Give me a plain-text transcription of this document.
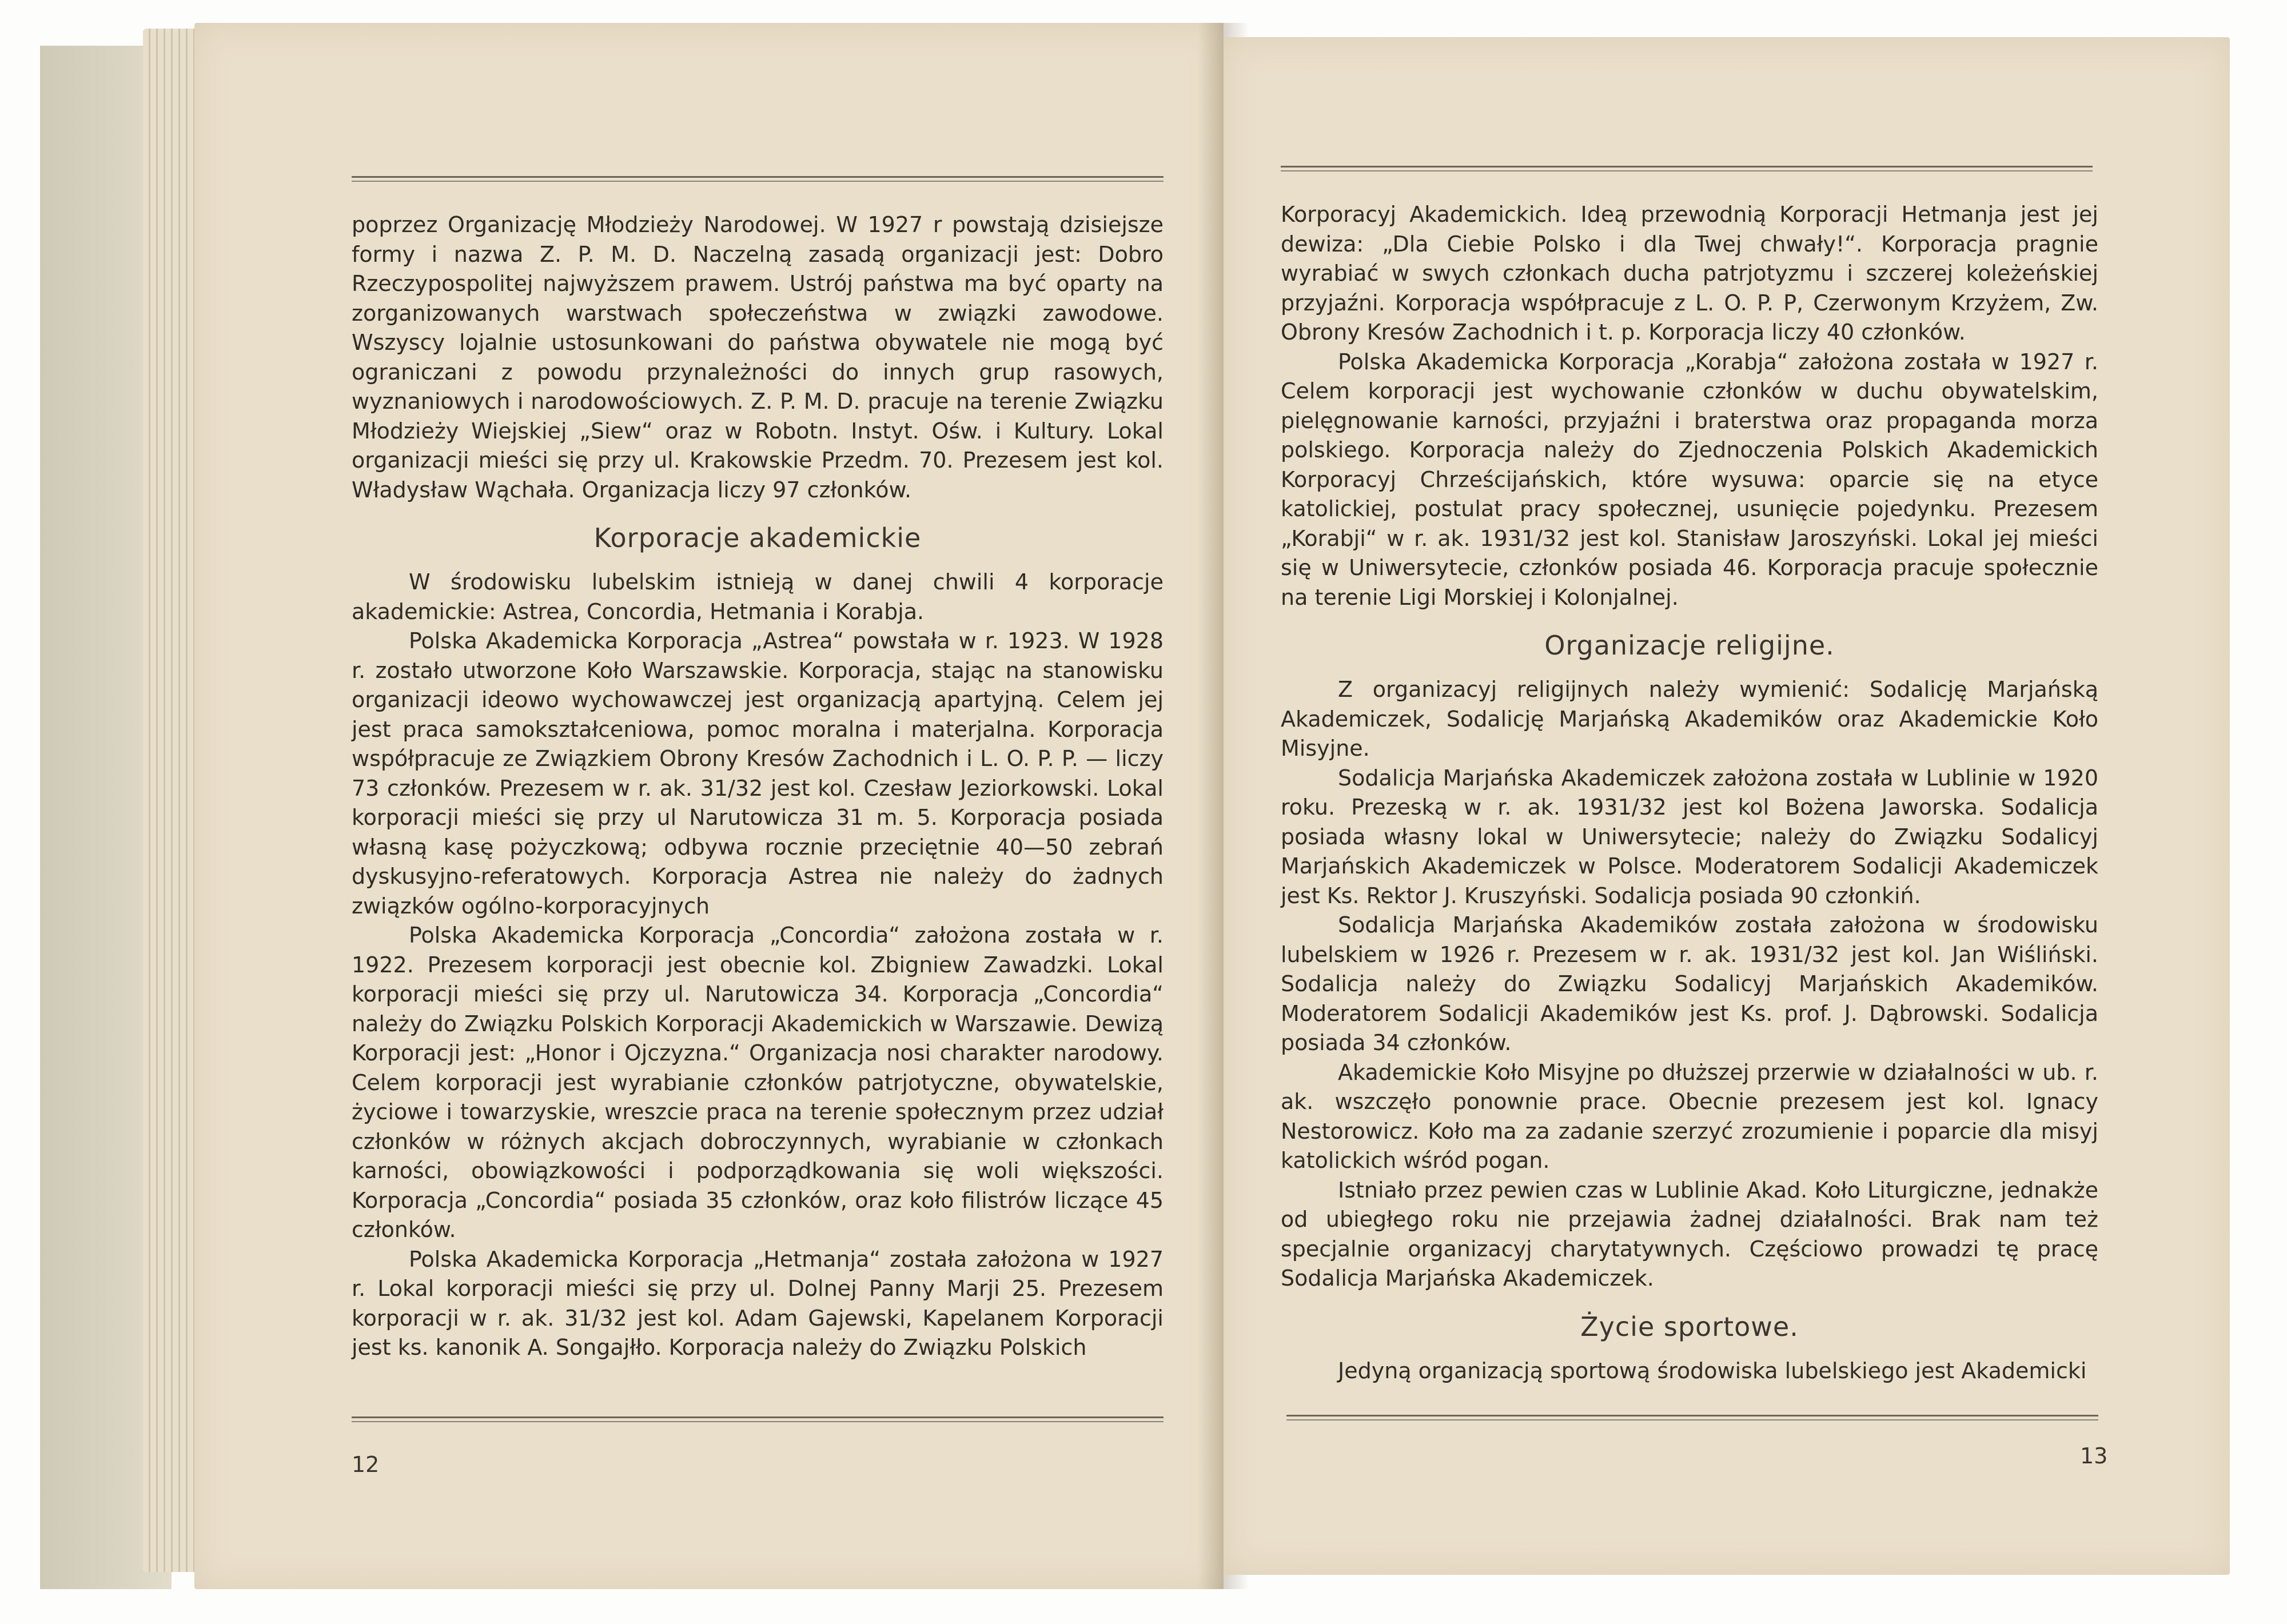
poprzez Organizację Młodzieży Narodowej. W 1927 r powstają dzisiejsze formy i nazwa Z. P. M. D. Naczelną zasadą organizacji jest: Dobro Rzeczypospolitej najwyższem prawem. Ustrój państwa ma być oparty na zorganizowanych warstwach społeczeństwa w związki zawodowe. Wszyscy lojalnie ustosunkowani do państwa obywatele nie mogą być ograniczani z powodu przynależności do innych grup rasowych, wyznaniowych i narodowościowych. Z. P. M. D. pracuje na terenie Związku Młodzieży Wiejskiej „Siew“ oraz w Robotn. Instyt. Ośw. i Kultury. Lokal organizacji mieści się przy ul. Krakowskie Przedm. 70. Prezesem jest kol. Władysław Wąchała. Organizacja liczy 97 członków.

Korporacje akademickie

W środowisku lubelskim istnieją w danej chwili 4 korporacje akademickie: Astrea, Concordia, Hetmania i Korabja.

Polska Akademicka Korporacja „Astrea“ powstała w r. 1923. W 1928 r. zostało utworzone Koło Warszawskie. Korporacja, stając na stanowisku organizacji ideowo wychowawczej jest organizacją apartyjną. Celem jej jest praca samokształceniowa, pomoc moralna i materjalna. Korporacja współpracuje ze Związkiem Obrony Kresów Zachodnich i L. O. P. P. — liczy 73 członków. Prezesem w r. ak. 31/32 jest kol. Czesław Jeziorkowski. Lokal korporacji mieści się przy ul Narutowicza 31 m. 5. Korporacja posiada własną kasę pożyczkową; odbywa rocznie przeciętnie 40—50 zebrań dyskusyjno-referatowych. Korporacja Astrea nie należy do żadnych związków ogólno-korporacyjnych

Polska Akademicka Korporacja „Concordia“ założona została w r. 1922. Prezesem korporacji jest obecnie kol. Zbigniew Zawadzki. Lokal korporacji mieści się przy ul. Narutowicza 34. Korporacja „Concordia“ należy do Związku Polskich Korporacji Akademickich w Warszawie. Dewizą Korporacji jest: „Honor i Ojczyzna.“ Organizacja nosi charakter narodowy. Celem korporacji jest wyrabianie członków patrjotyczne, obywatelskie, życiowe i towarzyskie, wreszcie praca na terenie społecznym przez udział członków w różnych akcjach dobroczynnych, wyrabianie w członkach karności, obowiązkowości i podporządkowania się woli większości. Korporacja „Concordia“ posiada 35 członków, oraz koło filistrów liczące 45 członków.

Polska Akademicka Korporacja „Hetmanja“ została założona w 1927 r. Lokal korporacji mieści się przy ul. Dolnej Panny Marji 25. Prezesem korporacji w r. ak. 31/32 jest kol. Adam Gajewski, Kapelanem Korporacji jest ks. kanonik A. Songajłło. Korporacja należy do Związku Polskich

12

Korporacyj Akademickich. Ideą przewodnią Korporacji Hetmanja jest jej dewiza: „Dla Ciebie Polsko i dla Twej chwały!“. Korporacja pragnie wyrabiać w swych członkach ducha patrjotyzmu i szczerej koleżeńskiej przyjaźni. Korporacja współpracuje z L. O. P. P, Czerwonym Krzyżem, Zw. Obrony Kresów Zachodnich i t. p. Korporacja liczy 40 członków.

Polska Akademicka Korporacja „Korabja“ założona została w 1927 r. Celem korporacji jest wychowanie członków w duchu obywatelskim, pielęgnowanie karności, przyjaźni i braterstwa oraz propaganda morza polskiego. Korporacja należy do Zjednoczenia Polskich Akademickich Korporacyj Chrześcijańskich, które wysuwa: oparcie się na etyce katolickiej, postulat pracy społecznej, usunięcie pojedynku. Prezesem „Korabji“ w r. ak. 1931/32 jest kol. Stanisław Jaroszyński. Lokal jej mieści się w Uniwersytecie, członków posiada 46. Korporacja pracuje społecznie na terenie Ligi Morskiej i Kolonjalnej.

Organizacje religijne.

Z organizacyj religijnych należy wymienić: Sodalicję Marjańską Akademiczek, Sodalicję Marjańską Akademików oraz Akademickie Koło Misyjne.

Sodalicja Marjańska Akademiczek założona została w Lublinie w 1920 roku. Prezeską w r. ak. 1931/32 jest kol Bożena Jaworska. Sodalicja posiada własny lokal w Uniwersytecie; należy do Związku Sodalicyj Marjańskich Akademiczek w Polsce. Moderatorem Sodalicji Akademiczek jest Ks. Rektor J. Kruszyński. Sodalicja posiada 90 członkiń.

Sodalicja Marjańska Akademików została założona w środowisku lubelskiem w 1926 r. Prezesem w r. ak. 1931/32 jest kol. Jan Wiśliński. Sodalicja należy do Związku Sodalicyj Marjańskich Akademików. Moderatorem Sodalicji Akademików jest Ks. prof. J. Dąbrowski. Sodalicja posiada 34 członków.

Akademickie Koło Misyjne po dłuższej przerwie w działalności w ub. r. ak. wszczęło ponownie prace. Obecnie prezesem jest kol. Ignacy Nestorowicz. Koło ma za zadanie szerzyć zrozumienie i poparcie dla misyj katolickich wśród pogan.

Istniało przez pewien czas w Lublinie Akad. Koło Liturgiczne, jednakże od ubiegłego roku nie przejawia żadnej działalności. Brak nam też specjalnie organizacyj charytatywnych. Częściowo prowadzi tę pracę Sodalicja Marjańska Akademiczek.

Życie sportowe.

Jedyną organizacją sportową środowiska lubelskiego jest Akademicki

13
